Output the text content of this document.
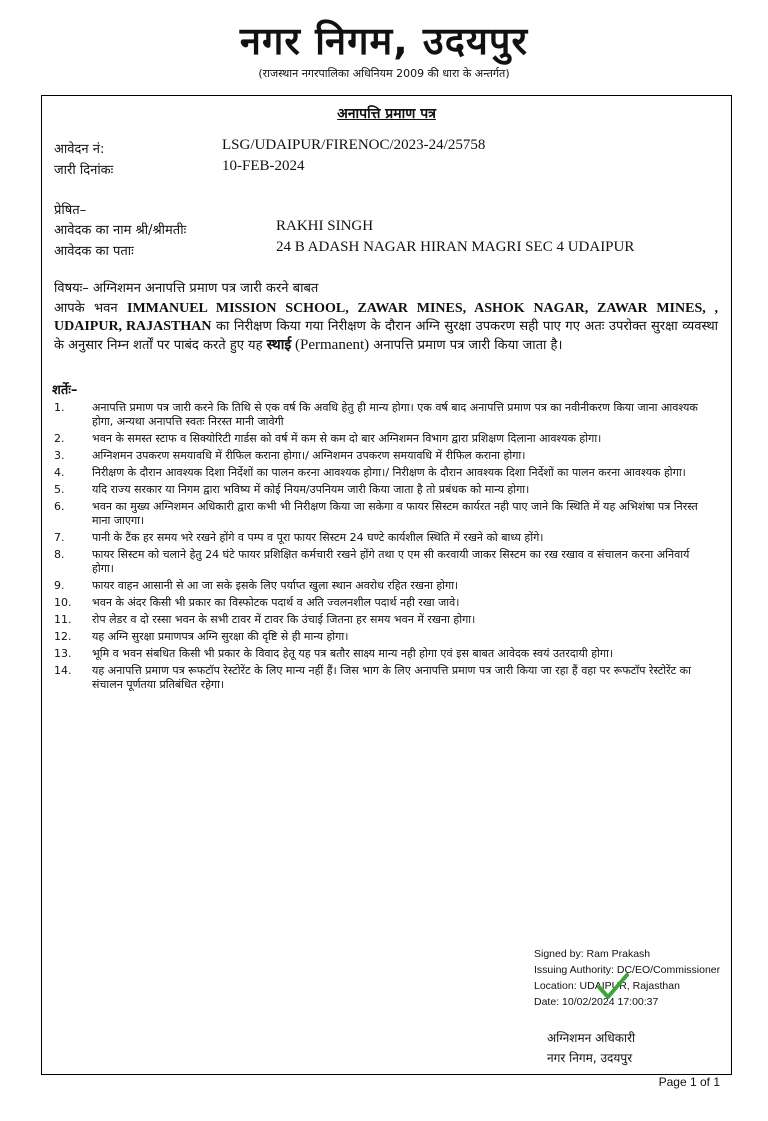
नगर निगम, उदयपुर
(राजस्थान नगरपालिका अधिनियम 2009 की धारा के अन्तर्गत)
अनापत्ति प्रमाण पत्र
आवेदन नं:	LSG/UDAIPUR/FIRENOC/2023-24/25758
जारी दिनांकः	10-FEB-2024
प्रेषित–
आवेदक का नाम श्री/श्रीमतीः	RAKHI SINGH
आवेदक का पताः	24 B ADASH NAGAR HIRAN MAGRI SEC 4 UDAIPUR
विषयः– अग्निशमन अनापत्ति प्रमाण पत्र जारी करने बाबत
आपके भवन IMMANUEL MISSION SCHOOL, ZAWAR MINES, ASHOK NAGAR, ZAWAR MINES, , UDAIPUR, RAJASTHAN का निरीक्षण किया गया निरीक्षण के दौरान अग्नि सुरक्षा उपकरण सही पाए गए अतः उपरोक्त सुरक्षा व्यवस्था के अनुसार निम्न शर्तों पर पाबंद करते हुए यह स्थाई (Permanent) अनापत्ति प्रमाण पत्र जारी किया जाता है।
शर्तेः–
1.	अनापत्ति प्रमाण पत्र जारी करने कि तिथि से एक वर्ष कि अवधि हेतु ही मान्य होगा। एक वर्ष बाद अनापत्ति प्रमाण पत्र का नवीनीकरण किया जाना आवश्यक होगा, अन्यथा अनापत्ति स्वतः निरस्त मानी जावेगी
2.	भवन के समस्त स्टाफ व सिक्योरिटी गार्डस को वर्ष में कम से कम दो बार अग्निशमन विभाग द्वारा प्रशिक्षण दिलाना आवश्यक होगा।
3.	अग्निशमन उपकरण समयावधि में रीफिल कराना होगा।/ अग्निशमन उपकरण समयावधि में रीफिल कराना होगा।
4.	निरीक्षण के दौरान आवश्यक दिशा निर्देशों का पालन करना आवश्यक होगा।/ निरीक्षण के दौरान आवश्यक दिशा निर्देशों का पालन करना आवश्यक होगा।
5.	यदि राज्य सरकार या निगम द्वारा भविष्य में कोई नियम/उपनियम जारी किया जाता है तो प्रबंधक को मान्य होगा।
6.	भवन का मुख्य अग्निशमन अधिकारी द्वारा कभी भी निरीक्षण किया जा सकेगा व फायर सिस्टम कार्यरत नही पाए जाने कि स्थिति में यह अभिशंषा पत्र निरस्त माना जाएगा।
7.	पानी के टैंक हर समय भरे रखने होंगे व पम्प व पूरा फायर सिस्टम 24 घण्टे कार्यशील स्थिति में रखने को बाध्य होंगे।
8.	फायर सिस्टम को चलाने हेतु 24 घंटे फायर प्रशिक्षित कर्मचारी रखने होंगे तथा ए एम सी करवायी जाकर सिस्टम का रख रखाव व संचालन करना अनिवार्य होगा।
9.	फायर वाहन आसानी से आ जा सके इसके लिए पर्याप्त खुला स्थान अवरोध रहित रखना होगा।
10.	भवन के अंदर किसी भी प्रकार का विस्फोटक पदार्थ व अति ज्वलनशील पदार्थ नही रखा जावे।
11.	रोप लेडर व दो रस्सा भवन के सभी टावर में टावर कि उंचाई जितना हर समय भवन में रखना होगा।
12.	यह अग्नि सुरक्षा प्रमाणपत्र अग्नि सुरक्षा की दृष्टि से ही मान्य होगा।
13.	भूमि व भवन संबधित किसी भी प्रकार के विवाद हेतू यह पत्र बतौर साक्ष्य मान्य नही होगा एवं इस बाबत आवेदक स्वयं उतरदायी होगा।
14.	यह अनापत्ति प्रमाण पत्र रूफटॉप रेस्टोरेंट के लिए मान्य नहीं हैं। जिस भाग के लिए अनापत्ति प्रमाण पत्र जारी किया जा रहा हैं वहा पर रूफटॉप रेस्टोरेंट का संचालन पूर्णतया प्रतिबंधित रहेगा।
Signed by: Ram Prakash
Issuing Authority: DC/EO/Commissioner
Location: UDAIPUR, Rajasthan
Date: 10/02/2024 17:00:37
अग्निशमन अधिकारी
नगर निगम, उदयपुर
Page 1 of 1
